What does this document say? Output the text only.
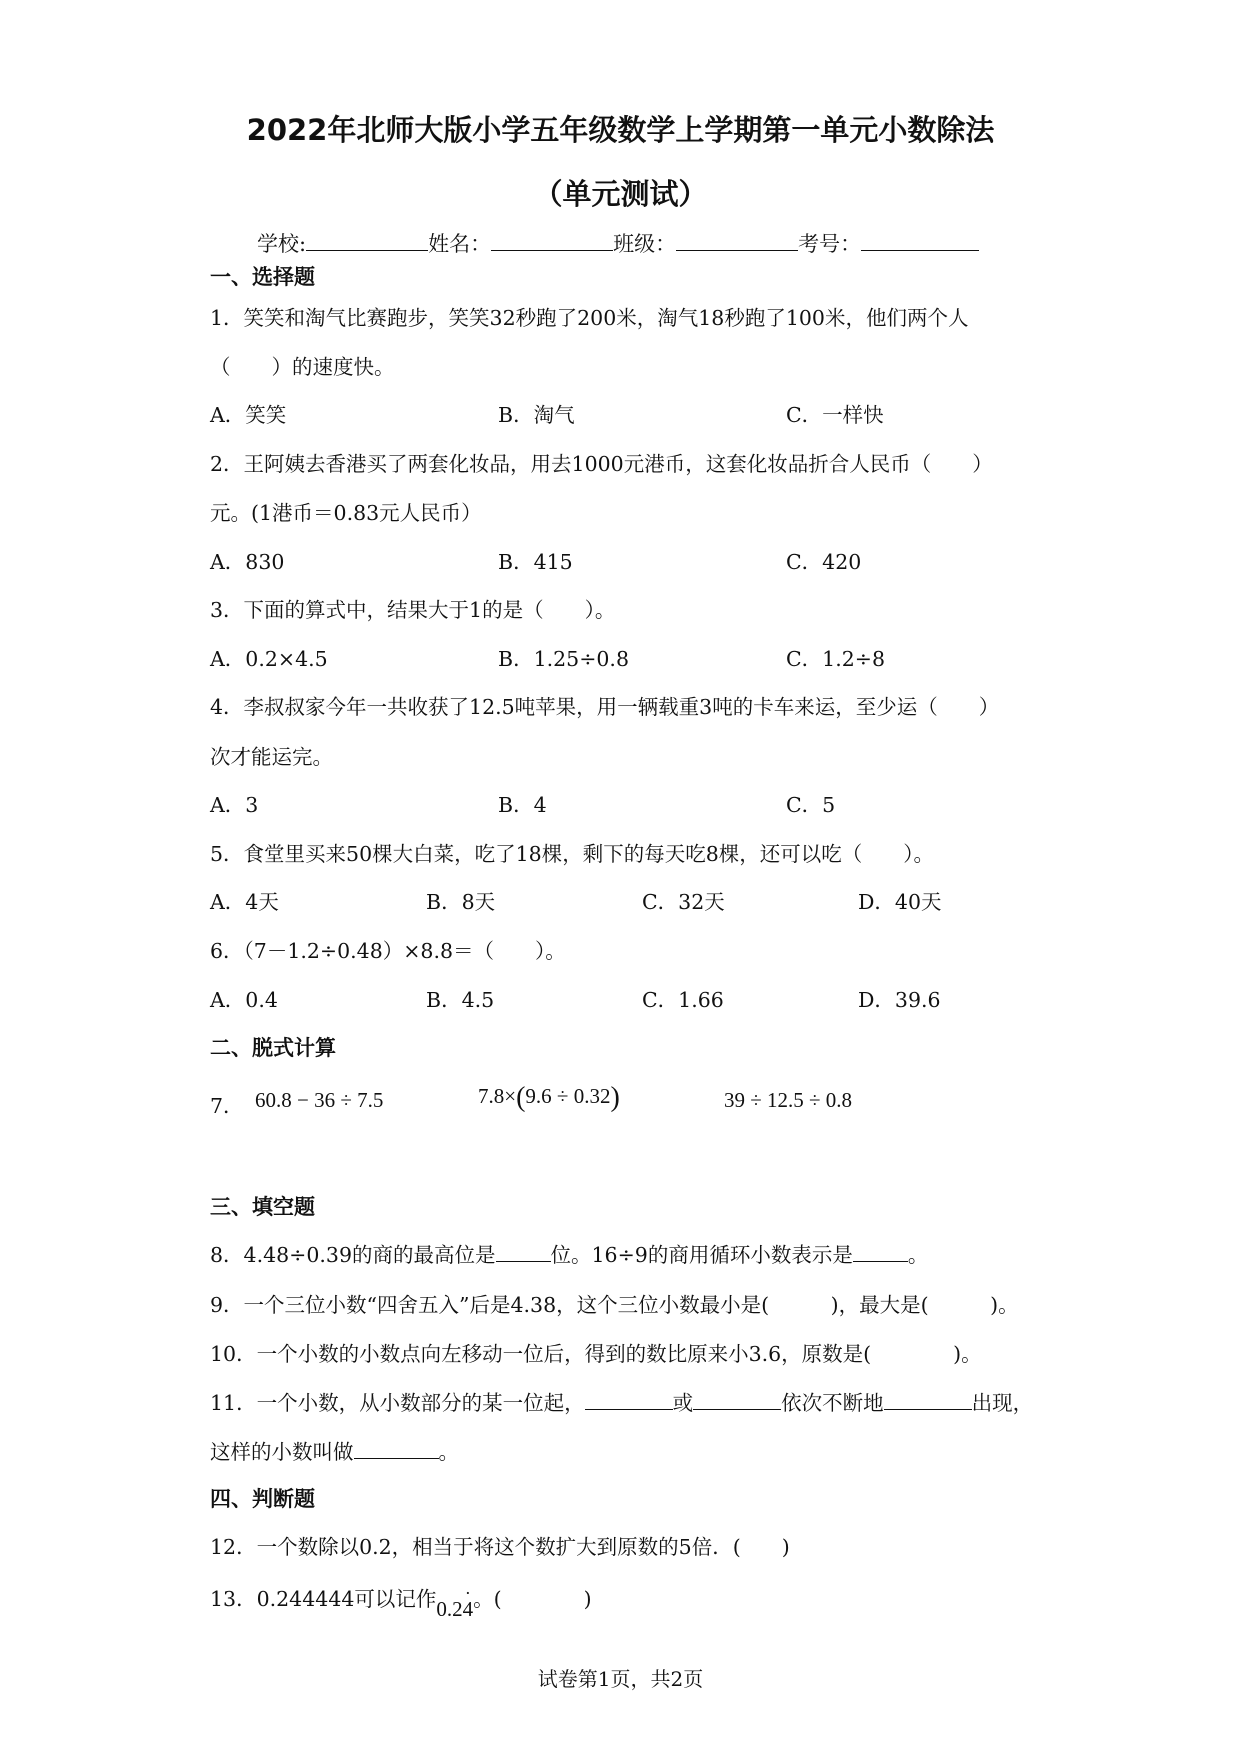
2022年北师大版小学五年级数学上学期第一单元小数除法
（单元测试）
学校:	姓名：	班级：	考号：
一、选择题
1．笑笑和淘气比赛跑步，笑笑32秒跑了200米，淘气18秒跑了100米，他们两个人
（　　）的速度快。
A．笑笑	B．淘气	C．一样快
2．王阿姨去香港买了两套化妆品，用去1000元港币，这套化妆品折合人民币（　　）
元。(1港币＝0.83元人民币）
A．830	B．415	C．420
3．下面的算式中，结果大于1的是（　　）。
A．0.2×4.5	B．1.25÷0.8	C．1.2÷8
4．李叔叔家今年一共收获了12.5吨苹果，用一辆载重3吨的卡车来运，至少运（　　）
次才能运完。
A．3	B．4	C．5
5．食堂里买来50棵大白菜，吃了18棵，剩下的每天吃8棵，还可以吃（　　）。
A．4天	B．8天	C．32天	D．40天
6．（7－1.2÷0.48）×8.8＝（　　）。
A．0.4	B．4.5	C．1.66	D．39.6
二、脱式计算
7． 60.8 − 36 ÷ 7.5	7.8×(9.6 ÷ 0.32)	39 ÷ 12.5 ÷ 0.8
三、填空题
8．4.48÷0.39的商的最高位是	位。16÷9的商用循环小数表示是	。
9．一个三位小数“四舍五入”后是4.38，这个三位小数最小是(　　　)，最大是(　　　)。
10．一个小数的小数点向左移动一位后，得到的数比原来小3.6，原数是(　　　　)。
11．一个小数，从小数部分的某一位起，	或	依次不断地	出现，
这样的小数叫做	。
四、判断题
12．一个数除以0.2，相当于将这个数扩大到原数的5倍．(　　)
13．0.244444可以记作0.24 ·。(　　　　)
试卷第1页，共2页
